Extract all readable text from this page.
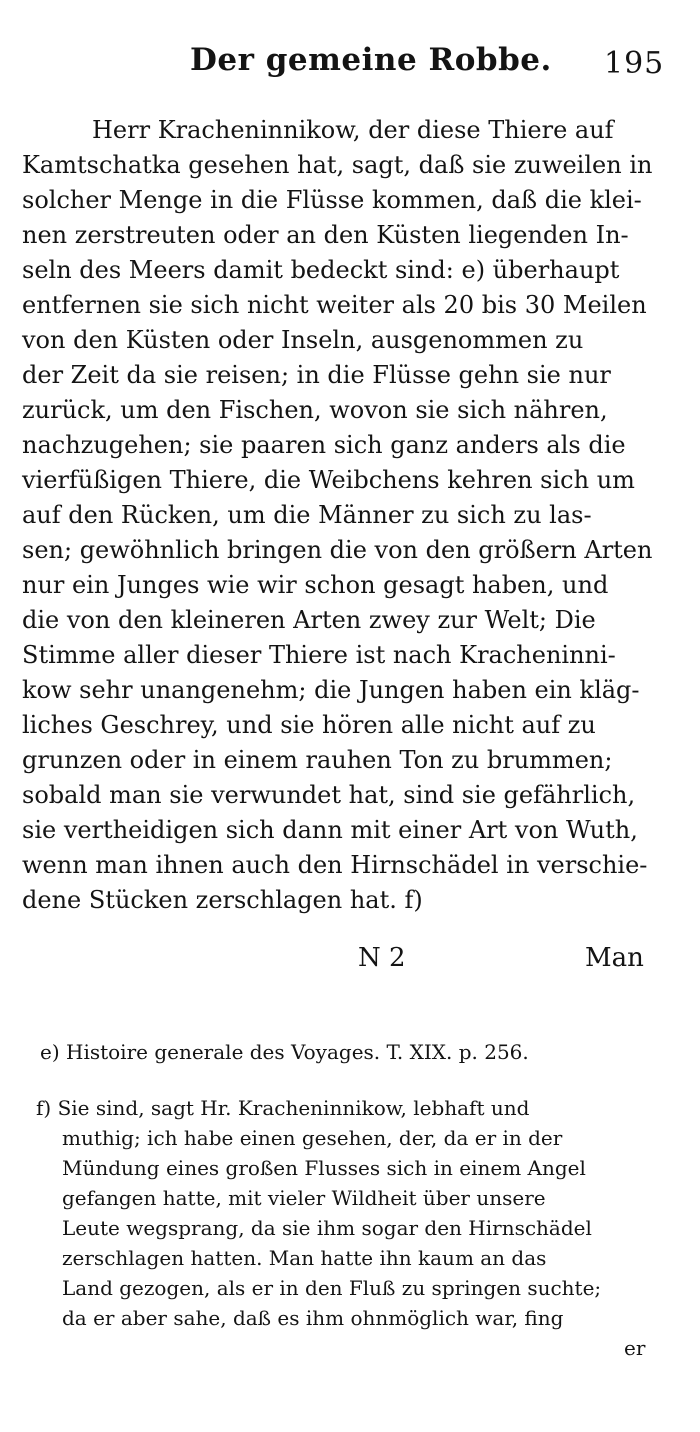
Der gemeine Robbe. 195
Herr Kracheninnikow, der diese Thiere auf
Kamtschatka gesehen hat, sagt, daß sie zuweilen in
solcher Menge in die Flüsse kommen, daß die klei-
nen zerstreuten oder an den Küsten liegenden In-
seln des Meers damit bedeckt sind: e) überhaupt
entfernen sie sich nicht weiter als 20 bis 30 Meilen
von den Küsten oder Inseln, ausgenommen zu
der Zeit da sie reisen; in die Flüsse gehn sie nur
zurück, um den Fischen, wovon sie sich nähren,
nachzugehen; sie paaren sich ganz anders als die
vierfüßigen Thiere, die Weibchens kehren sich um
auf den Rücken, um die Männer zu sich zu las-
sen; gewöhnlich bringen die von den größern Arten
nur ein Junges wie wir schon gesagt haben, und
die von den kleineren Arten zwey zur Welt; Die
Stimme aller dieser Thiere ist nach Kracheninni-
kow sehr unangenehm; die Jungen haben ein kläg-
liches Geschrey, und sie hören alle nicht auf zu
grunzen oder in einem rauhen Ton zu brummen;
sobald man sie verwundet hat, sind sie gefährlich,
sie vertheidigen sich dann mit einer Art von Wuth,
wenn man ihnen auch den Hirnschädel in verschie-
dene Stücken zerschlagen hat. f)
N 2	Man
e) Histoire generale des Voyages. T. XIX. p. 256.
f) Sie sind, sagt Hr. Kracheninnikow, lebhaft und
muthig; ich habe einen gesehen, der, da er in der
Mündung eines großen Flusses sich in einem Angel
gefangen hatte, mit vieler Wildheit über unsere
Leute wegsprang, da sie ihm sogar den Hirnschädel
zerschlagen hatten. Man hatte ihn kaum an das
Land gezogen, als er in den Fluß zu springen suchte;
da er aber sahe, daß es ihm ohnmöglich war, fing
er
